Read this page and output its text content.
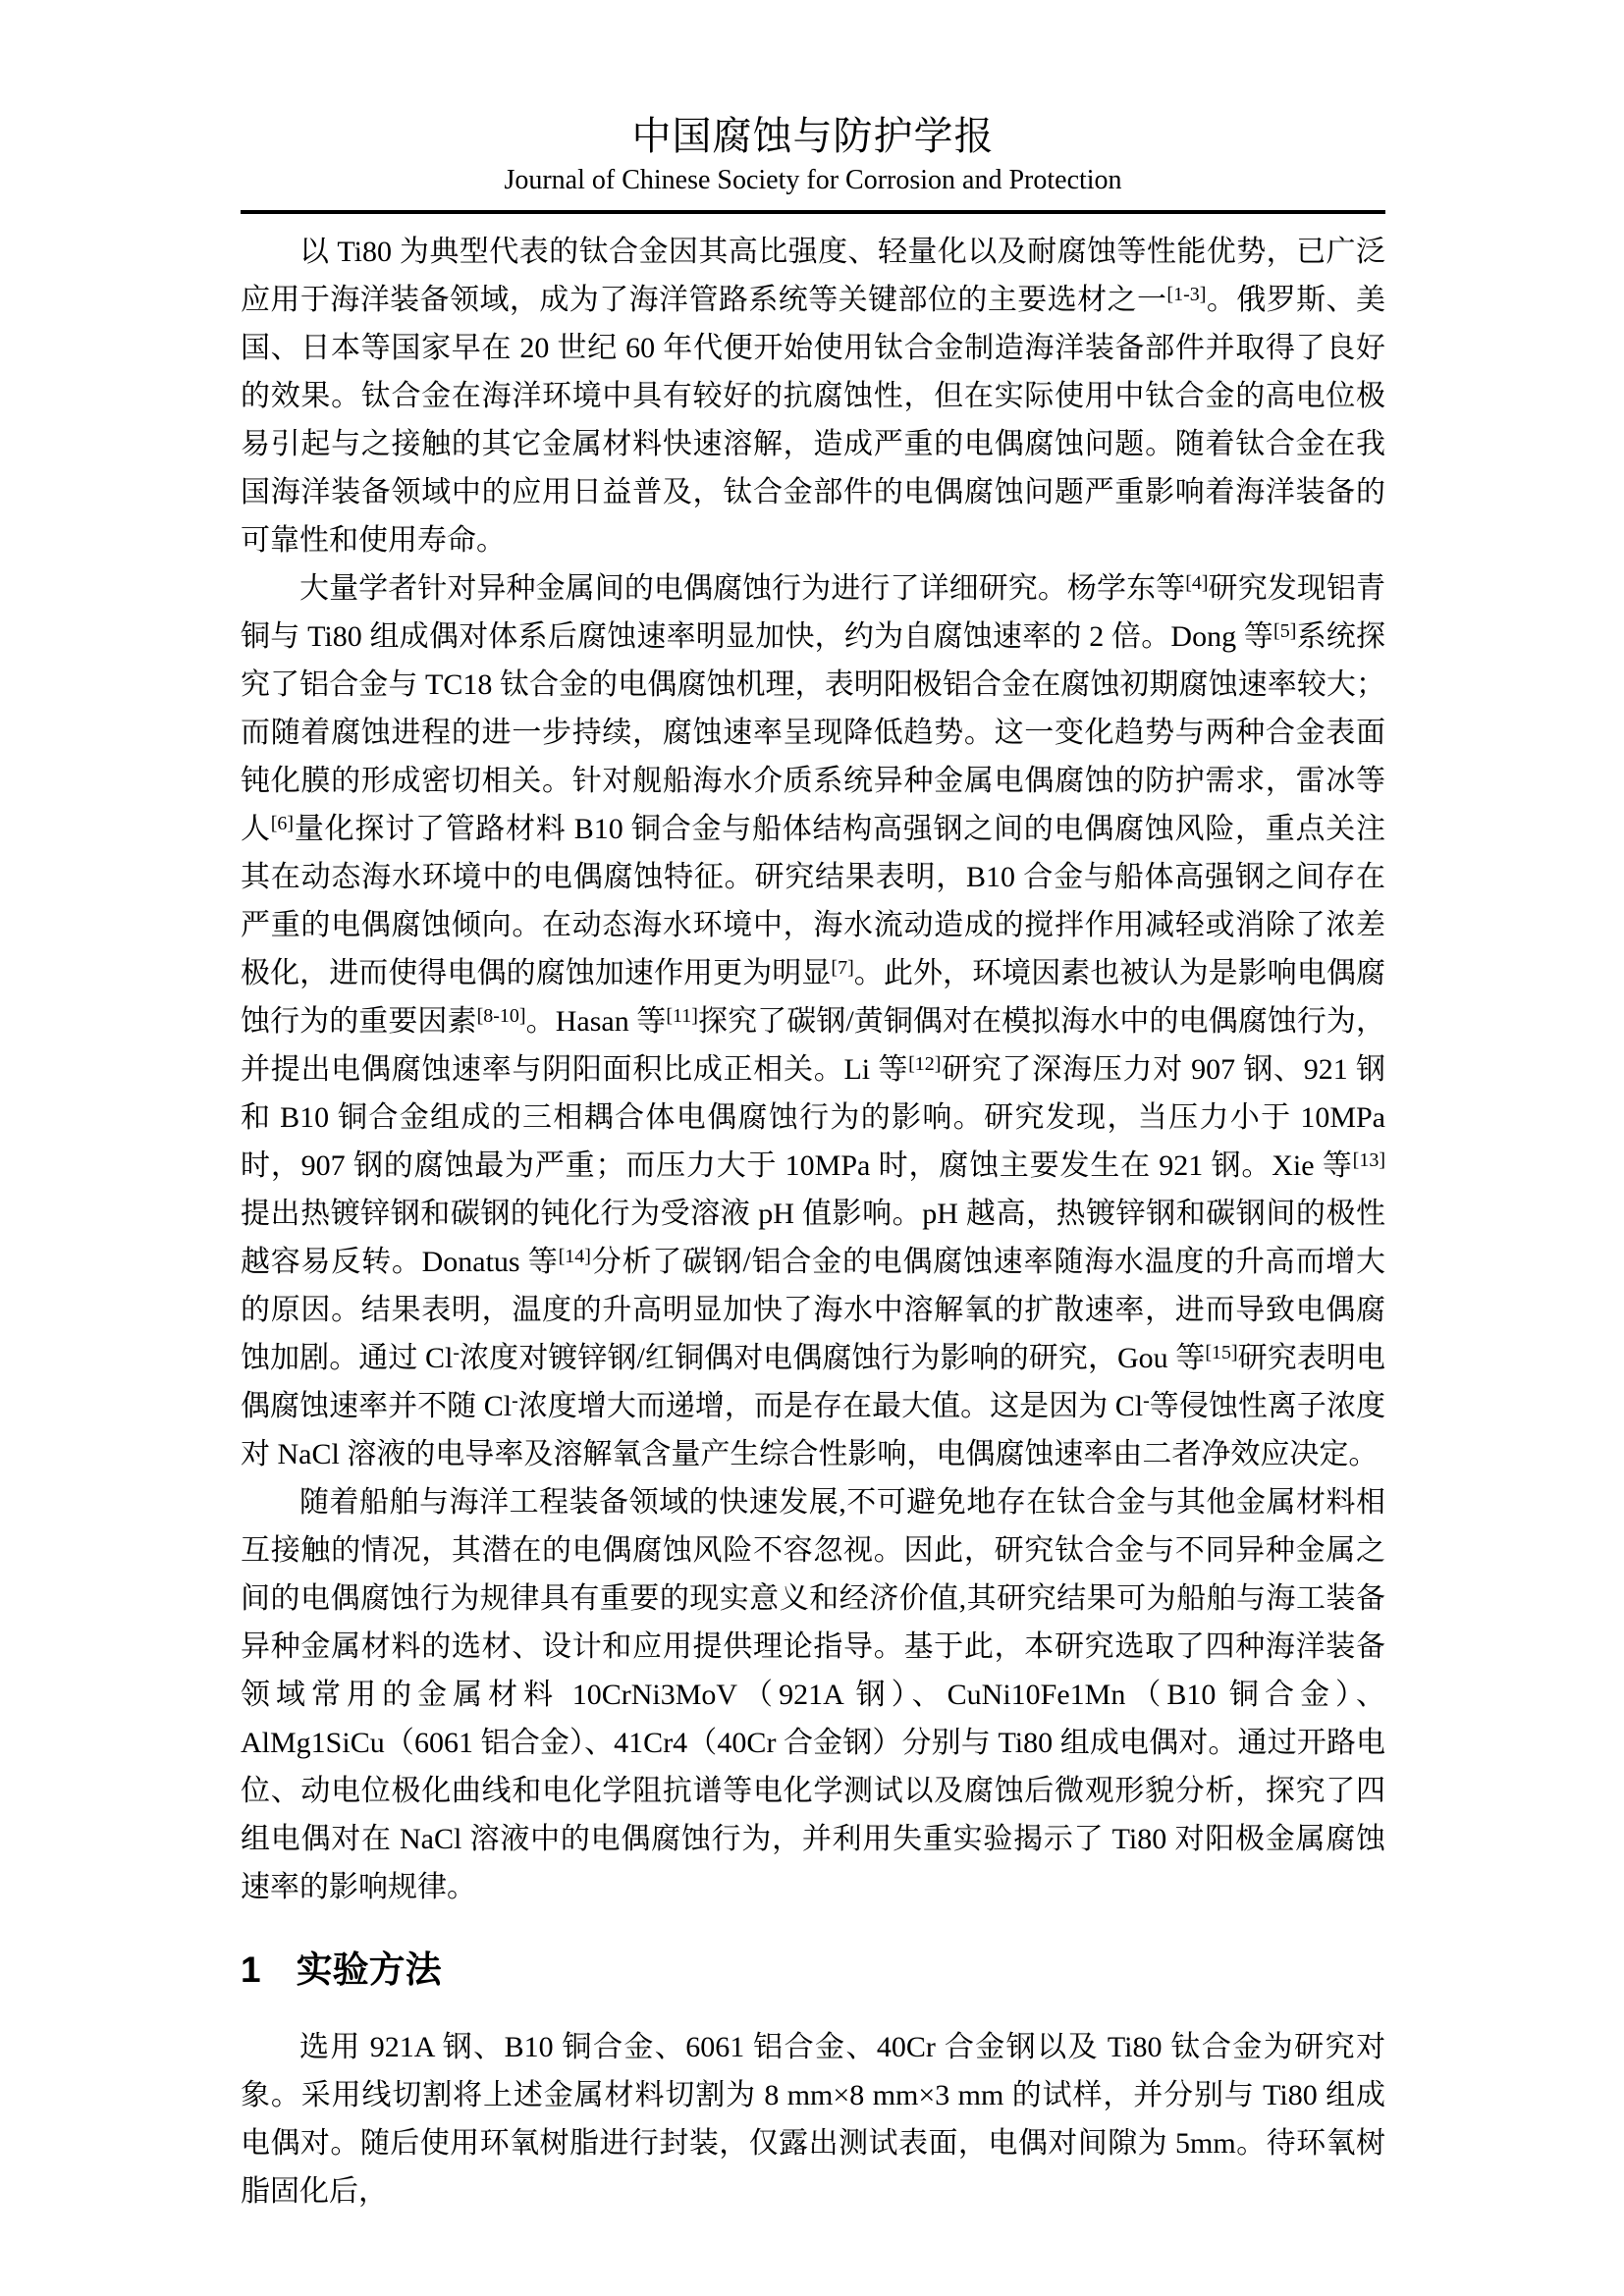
中国腐蚀与防护学报
Journal of Chinese Society for Corrosion and Protection

以 Ti80 为典型代表的钛合金因其高比强度、轻量化以及耐腐蚀等性能优势，已广泛应用于海洋装备领域，成为了海洋管路系统等关键部位的主要选材之一[1-3]。俄罗斯、美国、日本等国家早在 20 世纪 60 年代便开始使用钛合金制造海洋装备部件并取得了良好的效果。钛合金在海洋环境中具有较好的抗腐蚀性，但在实际使用中钛合金的高电位极易引起与之接触的其它金属材料快速溶解，造成严重的电偶腐蚀问题。随着钛合金在我国海洋装备领域中的应用日益普及，钛合金部件的电偶腐蚀问题严重影响着海洋装备的可靠性和使用寿命。

大量学者针对异种金属间的电偶腐蚀行为进行了详细研究。杨学东等[4]研究发现铝青铜与 Ti80 组成偶对体系后腐蚀速率明显加快，约为自腐蚀速率的 2 倍。Dong 等[5]系统探究了铝合金与 TC18 钛合金的电偶腐蚀机理，表明阳极铝合金在腐蚀初期腐蚀速率较大；而随着腐蚀进程的进一步持续，腐蚀速率呈现降低趋势。这一变化趋势与两种合金表面钝化膜的形成密切相关。针对舰船海水介质系统异种金属电偶腐蚀的防护需求，雷冰等人[6]量化探讨了管路材料 B10 铜合金与船体结构高强钢之间的电偶腐蚀风险，重点关注其在动态海水环境中的电偶腐蚀特征。研究结果表明，B10 合金与船体高强钢之间存在严重的电偶腐蚀倾向。在动态海水环境中，海水流动造成的搅拌作用减轻或消除了浓差极化，进而使得电偶的腐蚀加速作用更为明显[7]。此外，环境因素也被认为是影响电偶腐蚀行为的重要因素[8-10]。Hasan 等[11]探究了碳钢/黄铜偶对在模拟海水中的电偶腐蚀行为，并提出电偶腐蚀速率与阴阳面积比成正相关。Li 等[12]研究了深海压力对 907 钢、921 钢和 B10 铜合金组成的三相耦合体电偶腐蚀行为的影响。研究发现，当压力小于 10MPa 时，907 钢的腐蚀最为严重；而压力大于 10MPa 时，腐蚀主要发生在 921 钢。Xie 等[13]提出热镀锌钢和碳钢的钝化行为受溶液 pH 值影响。pH 越高，热镀锌钢和碳钢间的极性越容易反转。Donatus 等[14]分析了碳钢/铝合金的电偶腐蚀速率随海水温度的升高而增大的原因。结果表明，温度的升高明显加快了海水中溶解氧的扩散速率，进而导致电偶腐蚀加剧。通过 Cl-浓度对镀锌钢/红铜偶对电偶腐蚀行为影响的研究，Gou 等[15]研究表明电偶腐蚀速率并不随 Cl-浓度增大而递增，而是存在最大值。这是因为 Cl-等侵蚀性离子浓度对 NaCl 溶液的电导率及溶解氧含量产生综合性影响，电偶腐蚀速率由二者净效应决定。

随着船舶与海洋工程装备领域的快速发展,不可避免地存在钛合金与其他金属材料相互接触的情况，其潜在的电偶腐蚀风险不容忽视。因此，研究钛合金与不同异种金属之间的电偶腐蚀行为规律具有重要的现实意义和经济价值,其研究结果可为船舶与海工装备异种金属材料的选材、设计和应用提供理论指导。基于此，本研究选取了四种海洋装备领域常用的金属材料 10CrNi3MoV（921A 钢）、CuNi10Fe1Mn（B10 铜合金）、AlMg1SiCu（6061 铝合金）、41Cr4（40Cr 合金钢）分别与 Ti80 组成电偶对。通过开路电位、动电位极化曲线和电化学阻抗谱等电化学测试以及腐蚀后微观形貌分析，探究了四组电偶对在 NaCl 溶液中的电偶腐蚀行为，并利用失重实验揭示了 Ti80 对阳极金属腐蚀速率的影响规律。

1 实验方法

选用 921A 钢、B10 铜合金、6061 铝合金、40Cr 合金钢以及 Ti80 钛合金为研究对象。采用线切割将上述金属材料切割为 8 mm×8 mm×3 mm 的试样，并分别与 Ti80 组成电偶对。随后使用环氧树脂进行封装，仅露出测试表面，电偶对间隙为 5mm。待环氧树脂固化后，
